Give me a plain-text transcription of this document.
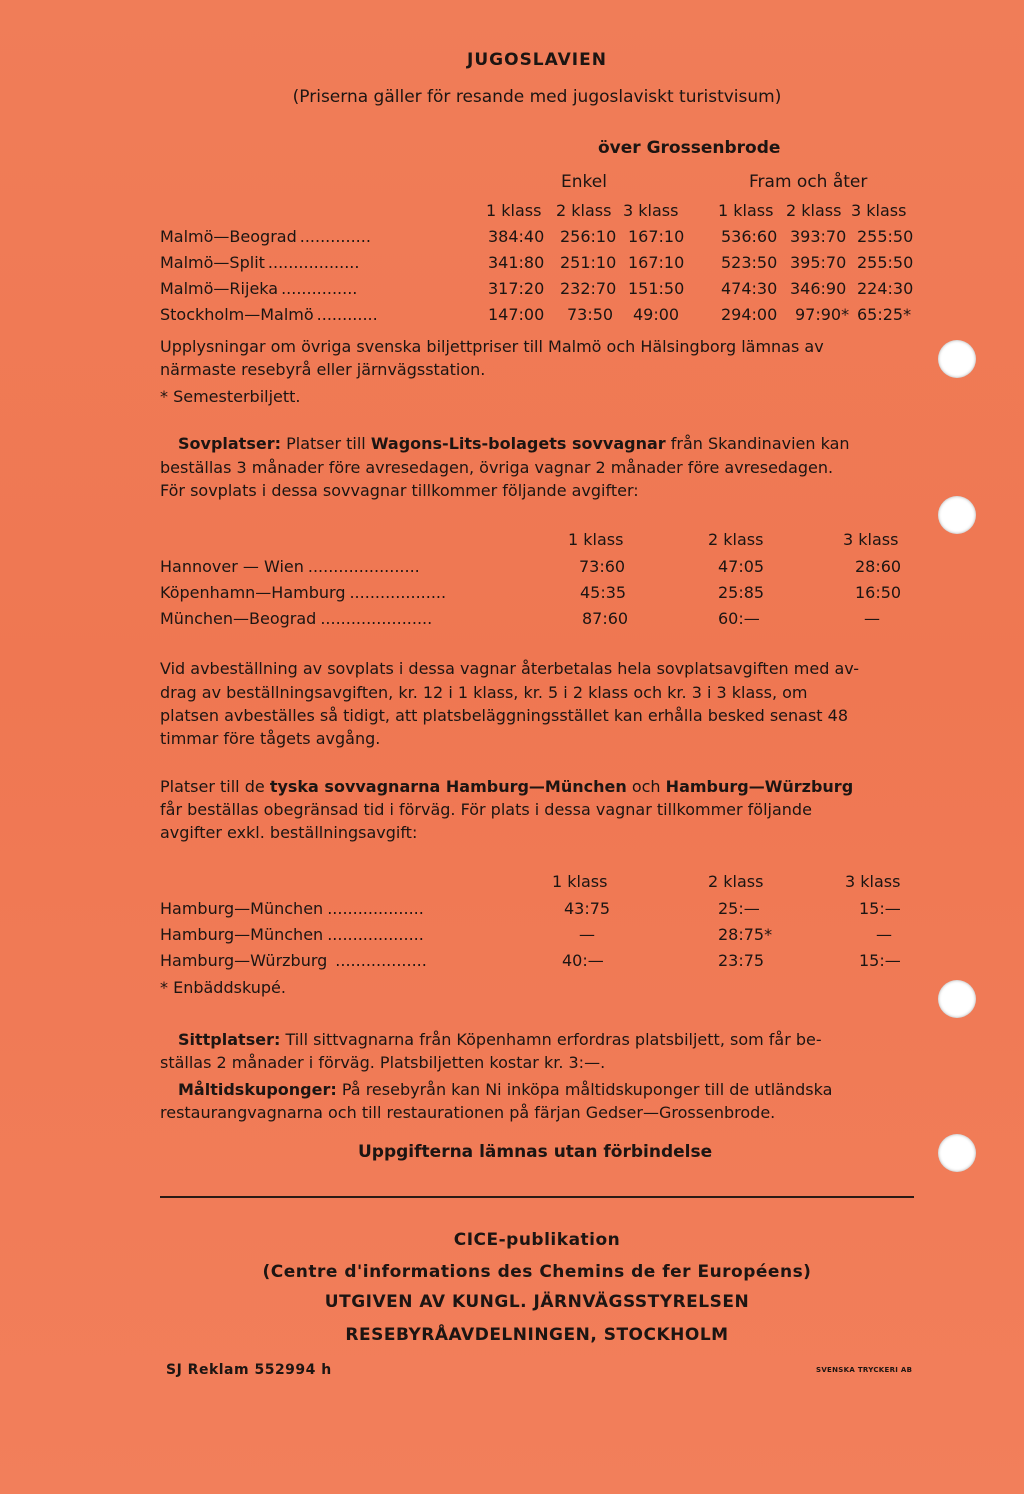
JUGOSLAVIEN
(Priserna gäller för resande med jugoslaviskt turistvisum)
över Grossenbrode
Enkel	Fram och åter
1 klass 2 klass 3 klass 1 klass 2 klass 3 klass
Malmö—Beograd ..............	384:40 256:10 167:10 536:60 393:70 255:50
Malmö—Split ..................	341:80 251:10 167:10 523:50 395:70 255:50
Malmö—Rijeka ...............	317:20 232:70 151:50 474:30 346:90 224:30
Stockholm—Malmö ............	147:00 73:50 49:00	294:00 97:90* 65:25*
Upplysningar om övriga svenska biljettpriser till Malmö och Hälsingborg lämnas av
närmaste resebyrå eller järnvägsstation.
* Semesterbiljett.
Sovplatser: Platser till Wagons-Lits-bolagets sovvagnar från Skandinavien kan
beställas 3 månader före avresedagen, övriga vagnar 2 månader före avresedagen.
För sovplats i dessa sovvagnar tillkommer följande avgifter:
1 klass	2 klass	3 klass
Hannover — Wien ......................	73:60	47:05	28:60
Köpenhamn—Hamburg ...................	45:35	25:85	16:50
München—Beograd ......................	87:60	60:—	—
Vid avbeställning av sovplats i dessa vagnar återbetalas hela sovplatsavgiften med av-
drag av beställningsavgiften, kr. 12 i 1 klass, kr. 5 i 2 klass och kr. 3 i 3 klass, om
platsen avbeställes så tidigt, att platsbeläggningsstället kan erhålla besked senast 48
timmar före tågets avgång.
Platser till de tyska sovvagnarna Hamburg—München och Hamburg—Würzburg
får beställas obegränsad tid i förväg. För plats i dessa vagnar tillkommer följande
avgifter exkl. beställningsavgift:
1 klass	2 klass	3 klass
Hamburg—München ...................	43:75	25:—	15:—
Hamburg—München ...................	—	28:75*	—
Hamburg—Würzburg ..................	40:—	23:75	15:—
* Enbäddskupé.
Sittplatser: Till sittvagnarna från Köpenhamn erfordras platsbiljett, som får be-
ställas 2 månader i förväg. Platsbiljetten kostar kr. 3:—.
Måltidskuponger: På resebyrån kan Ni inköpa måltidskuponger till de utländska
restaurangvagnarna och till restaurationen på färjan Gedser—Grossenbrode.
Uppgifterna lämnas utan förbindelse
CICE-publikation
(Centre d'informations des Chemins de fer Européens)
UTGIVEN AV KUNGL. JÄRNVÄGSSTYRELSEN
RESEBYRÅAVDELNINGEN, STOCKHOLM
SJ Reklam 552994 h	SVENSKA TRYCKERI AB
